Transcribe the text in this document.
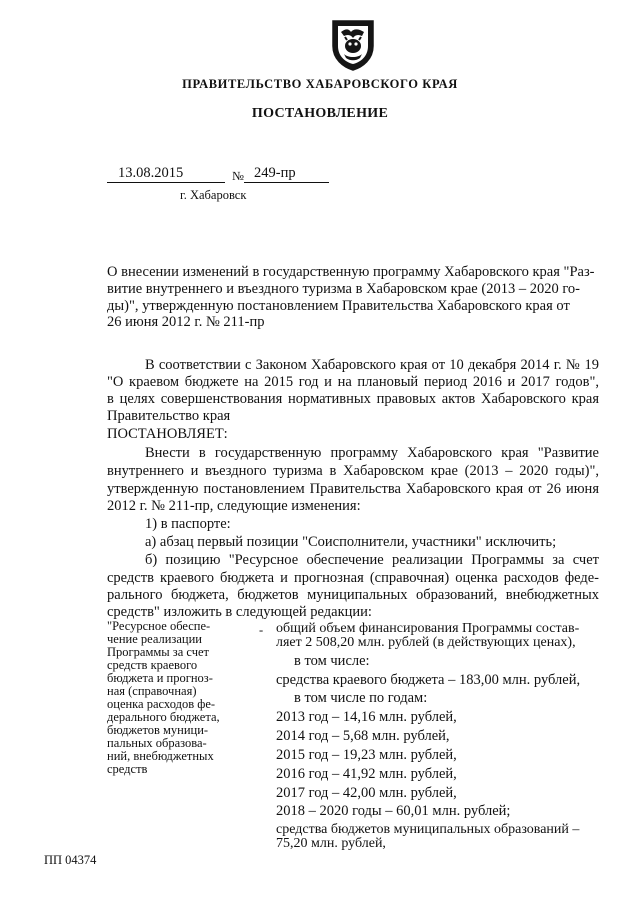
ПРАВИТЕЛЬСТВО ХАБАРОВСКОГО КРАЯ
ПОСТАНОВЛЕНИЕ
13.08.2015	№ 249-пр
г. Хабаровск
О внесении изменений в государственную программу Хабаровского края "Раз-
витие внутреннего и въездного туризма в Хабаровском крае (2013 – 2020 го-
ды)", утвержденную постановлением Правительства Хабаровского края от
26 июня 2012 г. № 211-пр
В соответствии с Законом Хабаровского края от 10 декабря 2014 г. № 19
"О краевом бюджете на 2015 год и на плановый период 2016 и 2017 годов",
в целях совершенствования нормативных правовых актов Хабаровского края
Правительство края
ПОСТАНОВЛЯЕТ:
Внести в государственную программу Хабаровского края "Развитие
внутреннего и въездного туризма в Хабаровском крае (2013 – 2020 годы)",
утвержденную постановлением Правительства Хабаровского края от 26 июня
2012 г. № 211-пр, следующие изменения:
1) в паспорте:
а) абзац первый позиции "Соисполнители, участники" исключить;
б) позицию "Ресурсное обеспечение реализации Программы за счет
средств краевого бюджета и прогнозная (справочная) оценка расходов феде-
рального бюджета, бюджетов муниципальных образований, внебюджетных
средств" изложить в следующей редакции:
"Ресурсное обеспе-
чение реализации
Программы за счет
средств краевого
бюджета и прогноз-
ная (справочная)
оценка расходов фе-
дерального бюджета,
бюджетов муници-
пальных образова-
ний, внебюджетных
средств
- общий объем финансирования Программы состав-
ляет 2 508,20 млн. рублей (в действующих ценах),
в том числе:
средства краевого бюджета – 183,00 млн. рублей,
в том числе по годам:
2013 год – 14,16 млн. рублей,
2014 год – 5,68 млн. рублей,
2015 год – 19,23 млн. рублей,
2016 год – 41,92 млн. рублей,
2017 год – 42,00 млн. рублей,
2018 – 2020 годы – 60,01 млн. рублей;
средства бюджетов муниципальных образований –
75,20 млн. рублей,
ПП 04374
